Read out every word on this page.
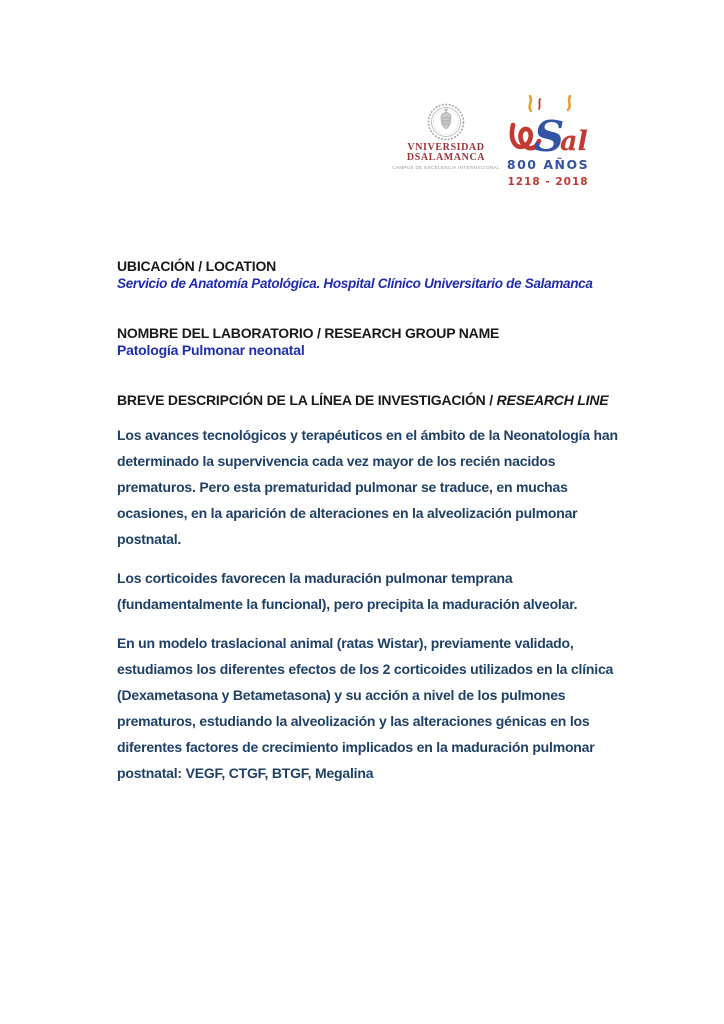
VNIVERSIDAD
DSALAMANCA
CAMPUS DE EXCELENCIA INTERNACIONAL
S
al
800 AÑOS
1218 - 2018
UBICACIÓN / LOCATION

Servicio de Anatomía Patológica. Hospital Clínico Universitario de Salamanca

NOMBRE DEL LABORATORIO / RESEARCH GROUP NAME

Patología Pulmonar neonatal

BREVE DESCRIPCIÓN DE LA LÍNEA DE INVESTIGACIÓN / RESEARCH LINE

Los avances tecnológicos y terapéuticos en el ámbito de la Neonatología han determinado la supervivencia cada vez mayor de los recién nacidos prematuros. Pero esta prematuridad pulmonar se traduce, en muchas ocasiones, en la aparición de alteraciones en la alveolización pulmonar postnatal.

Los corticoides favorecen la maduración pulmonar temprana (fundamentalmente la funcional), pero precipita la maduración alveolar.

En un modelo traslacional animal (ratas Wistar), previamente validado, estudiamos los diferentes efectos de los 2 corticoides utilizados en la clínica (Dexametasona y Betametasona) y su acción a nivel de los pulmones prematuros, estudiando la alveolización y las alteraciones génicas en los diferentes factores de crecimiento implicados en la maduración pulmonar postnatal: VEGF, CTGF, BTGF, Megalina
